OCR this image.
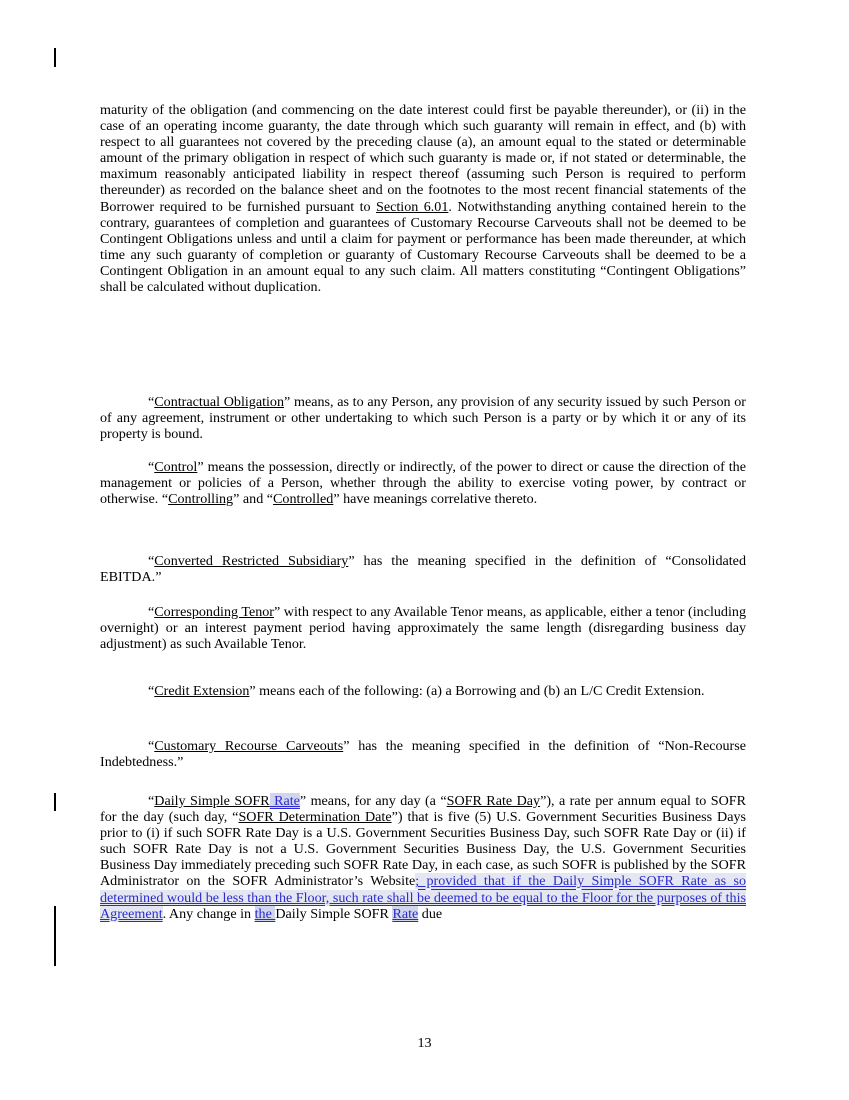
maturity of the obligation (and commencing on the date interest could first be payable thereunder), or (ii) in the case of an operating income guaranty, the date through which such guaranty will remain in effect, and (b) with respect to all guarantees not covered by the preceding clause (a), an amount equal to the stated or determinable amount of the primary obligation in respect of which such guaranty is made or, if not stated or determinable, the maximum reasonably anticipated liability in respect thereof (assuming such Person is required to perform thereunder) as recorded on the balance sheet and on the footnotes to the most recent financial statements of the Borrower required to be furnished pursuant to Section 6.01. Notwithstanding anything contained herein to the contrary, guarantees of completion and guarantees of Customary Recourse Carveouts shall not be deemed to be Contingent Obligations unless and until a claim for payment or performance has been made thereunder, at which time any such guaranty of completion or guaranty of Customary Recourse Carveouts shall be deemed to be a Contingent Obligation in an amount equal to any such claim. All matters constituting “Contingent Obligations” shall be calculated without duplication.

“Contractual Obligation” means, as to any Person, any provision of any security issued by such Person or of any agreement, instrument or other undertaking to which such Person is a party or by which it or any of its property is bound.

“Control” means the possession, directly or indirectly, of the power to direct or cause the direction of the management or policies of a Person, whether through the ability to exercise voting power, by contract or otherwise. “Controlling” and “Controlled” have meanings correlative thereto.

“Converted Restricted Subsidiary” has the meaning specified in the definition of “Consolidated EBITDA.”

“Corresponding Tenor” with respect to any Available Tenor means, as applicable, either a tenor (including overnight) or an interest payment period having approximately the same length (disregarding business day adjustment) as such Available Tenor.

“Credit Extension” means each of the following: (a) a Borrowing and (b) an L/C Credit Extension.

“Customary Recourse Carveouts” has the meaning specified in the definition of “Non-Recourse Indebtedness.”

“Daily Simple SOFR Rate” means, for any day (a “SOFR Rate Day”), a rate per annum equal to SOFR for the day (such day, “SOFR Determination Date”) that is five (5) U.S. Government Securities Business Days prior to (i) if such SOFR Rate Day is a U.S. Government Securities Business Day, such SOFR Rate Day or (ii) if such SOFR Rate Day is not a U.S. Government Securities Business Day, the U.S. Government Securities Business Day immediately preceding such SOFR Rate Day, in each case, as such SOFR is published by the SOFR Administrator on the SOFR Administrator’s Website; provided that if the Daily Simple SOFR Rate as so determined would be less than the Floor, such rate shall be deemed to be equal to the Floor for the purposes of this Agreement. Any change in the Daily Simple SOFR Rate due

13
